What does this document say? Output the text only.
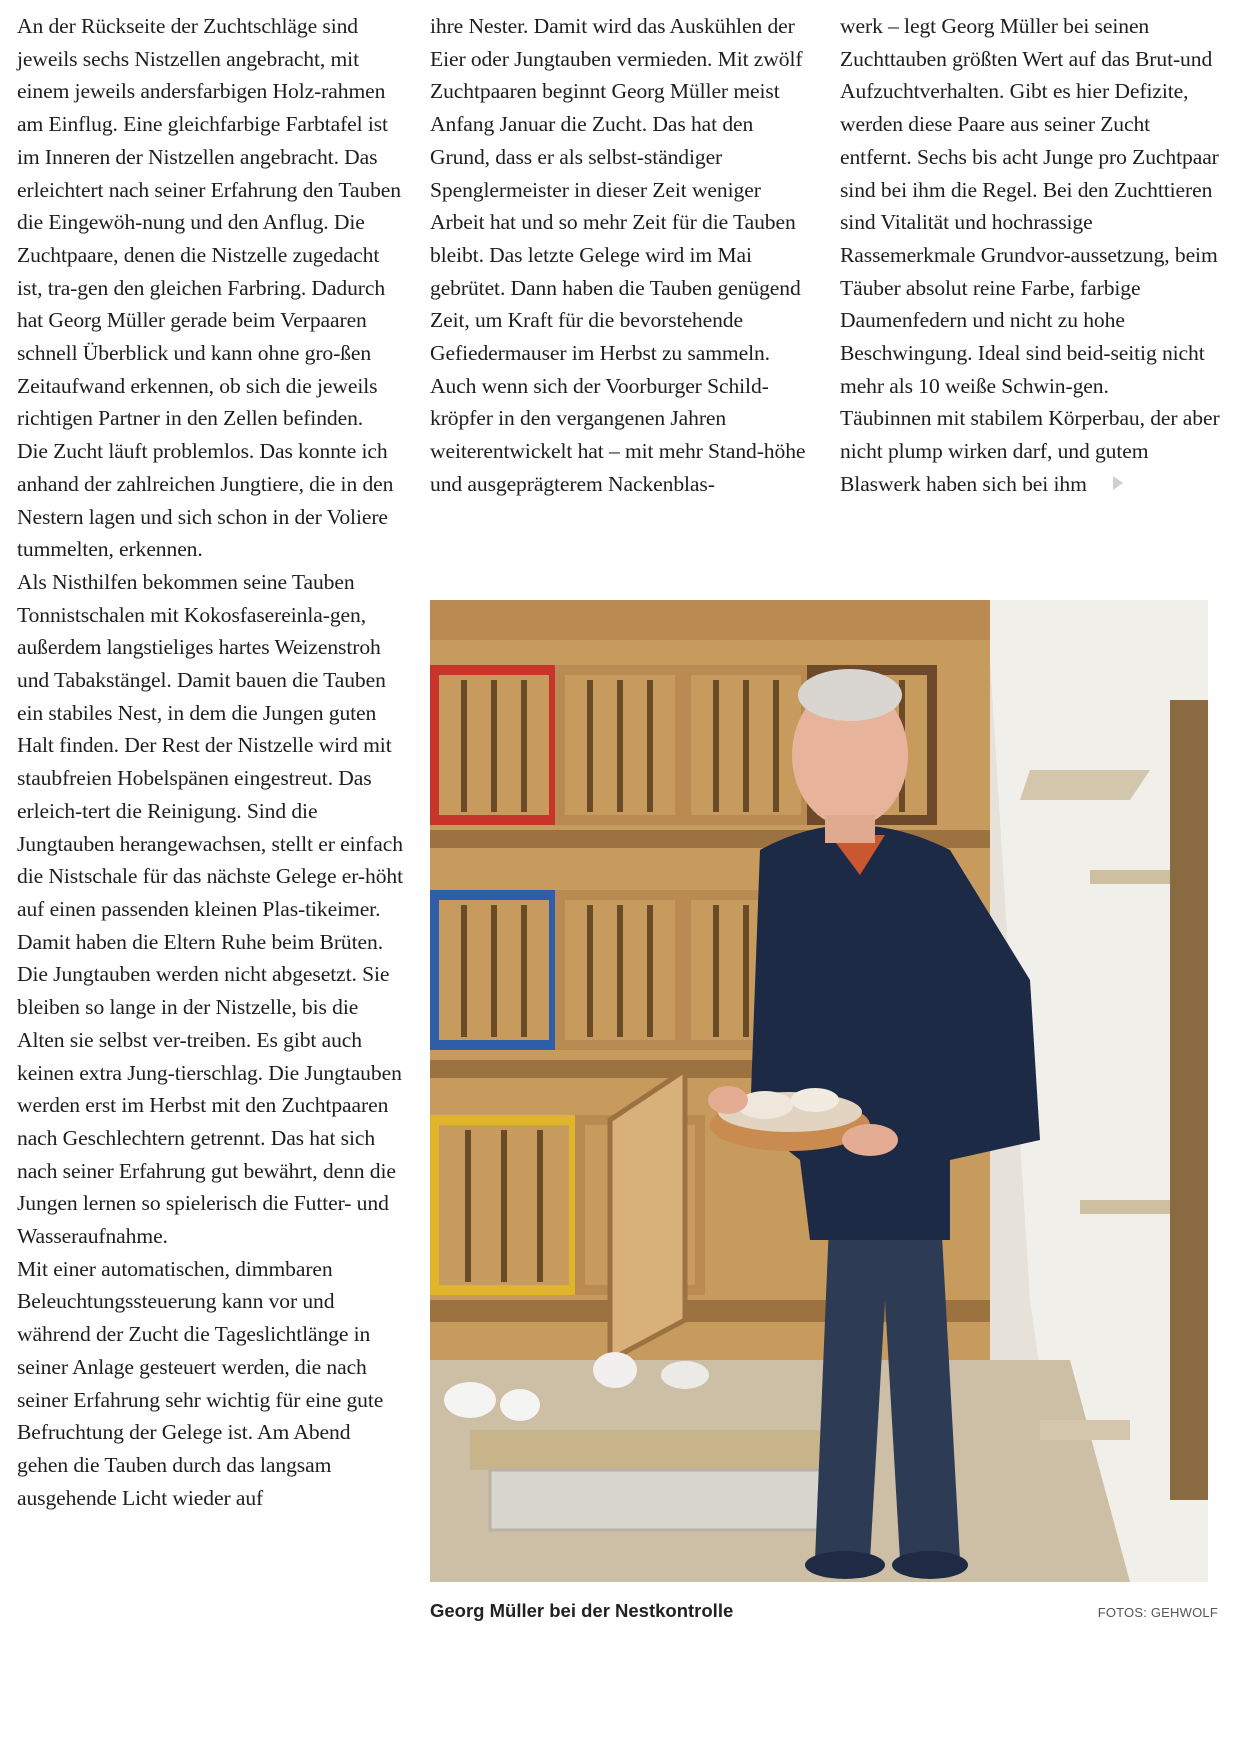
An der Rückseite der Zuchtschläge sind jeweils sechs Nistzellen angebracht, mit einem jeweils andersfarbigen Holz-rahmen am Einflug. Eine gleichfarbige Farbtafel ist im Inneren der Nistzellen angebracht. Das erleichtert nach seiner Erfahrung den Tauben die Eingewöh-nung und den Anflug. Die Zuchtpaare, denen die Nistzelle zugedacht ist, tra-gen den gleichen Farbring. Dadurch hat Georg Müller gerade beim Verpaaren schnell Überblick und kann ohne gro-ßen Zeitaufwand erkennen, ob sich die jeweils richtigen Partner in den Zellen befinden.

Die Zucht läuft problemlos. Das konnte ich anhand der zahlreichen Jungtiere, die in den Nestern lagen und sich schon in der Voliere tummelten, erkennen.

Als Nisthilfen bekommen seine Tauben Tonnistschalen mit Kokosfasereinla-gen, außerdem langstieliges hartes Weizenstroh und Tabakstängel. Damit bauen die Tauben ein stabiles Nest, in dem die Jungen guten Halt finden. Der Rest der Nistzelle wird mit staubfreien Hobelspänen eingestreut. Das erleich-tert die Reinigung. Sind die Jungtauben herangewachsen, stellt er einfach die Nistschale für das nächste Gelege er-höht auf einen passenden kleinen Plas-tikeimer. Damit haben die Eltern Ruhe beim Brüten. Die Jungtauben werden nicht abgesetzt. Sie bleiben so lange in der Nistzelle, bis die Alten sie selbst ver-treiben. Es gibt auch keinen extra Jung-tierschlag. Die Jungtauben werden erst im Herbst mit den Zuchtpaaren nach Geschlechtern getrennt. Das hat sich nach seiner Erfahrung gut bewährt, denn die Jungen lernen so spielerisch die Futter- und Wasseraufnahme.

Mit einer automatischen, dimmbaren Beleuchtungssteuerung kann vor und während der Zucht die Tageslichtlänge in seiner Anlage gesteuert werden, die nach seiner Erfahrung sehr wichtig für eine gute Befruchtung der Gelege ist. Am Abend gehen die Tauben durch das langsam ausgehende Licht wieder auf

ihre Nester. Damit wird das Auskühlen der Eier oder Jungtauben vermieden. Mit zwölf Zuchtpaaren beginnt Georg Müller meist Anfang Januar die Zucht. Das hat den Grund, dass er als selbst-ständiger Spenglermeister in dieser Zeit weniger Arbeit hat und so mehr Zeit für die Tauben bleibt. Das letzte Gelege wird im Mai gebrütet. Dann haben die Tauben genügend Zeit, um Kraft für die bevorstehende Gefiedermauser im Herbst zu sammeln.

Auch wenn sich der Voorburger Schild-kröpfer in den vergangenen Jahren weiterentwickelt hat – mit mehr Stand-höhe und ausgeprägterem Nackenblas-

werk – legt Georg Müller bei seinen Zuchttauben größten Wert auf das Brut-und Aufzuchtverhalten. Gibt es hier Defizite, werden diese Paare aus seiner Zucht entfernt. Sechs bis acht Junge pro Zuchtpaar sind bei ihm die Regel. Bei den Zuchttieren sind Vitalität und hochrassige Rassemerkmale Grundvor-aussetzung, beim Täuber absolut reine Farbe, farbige Daumenfedern und nicht zu hohe Beschwingung. Ideal sind beid-seitig nicht mehr als 10 weiße Schwin-gen.

Täubinnen mit stabilem Körperbau, der aber nicht plump wirken darf, und gutem Blaswerk haben sich bei ihm

Georg Müller bei der Nestkontrolle	FOTOS: GEHWOLF
